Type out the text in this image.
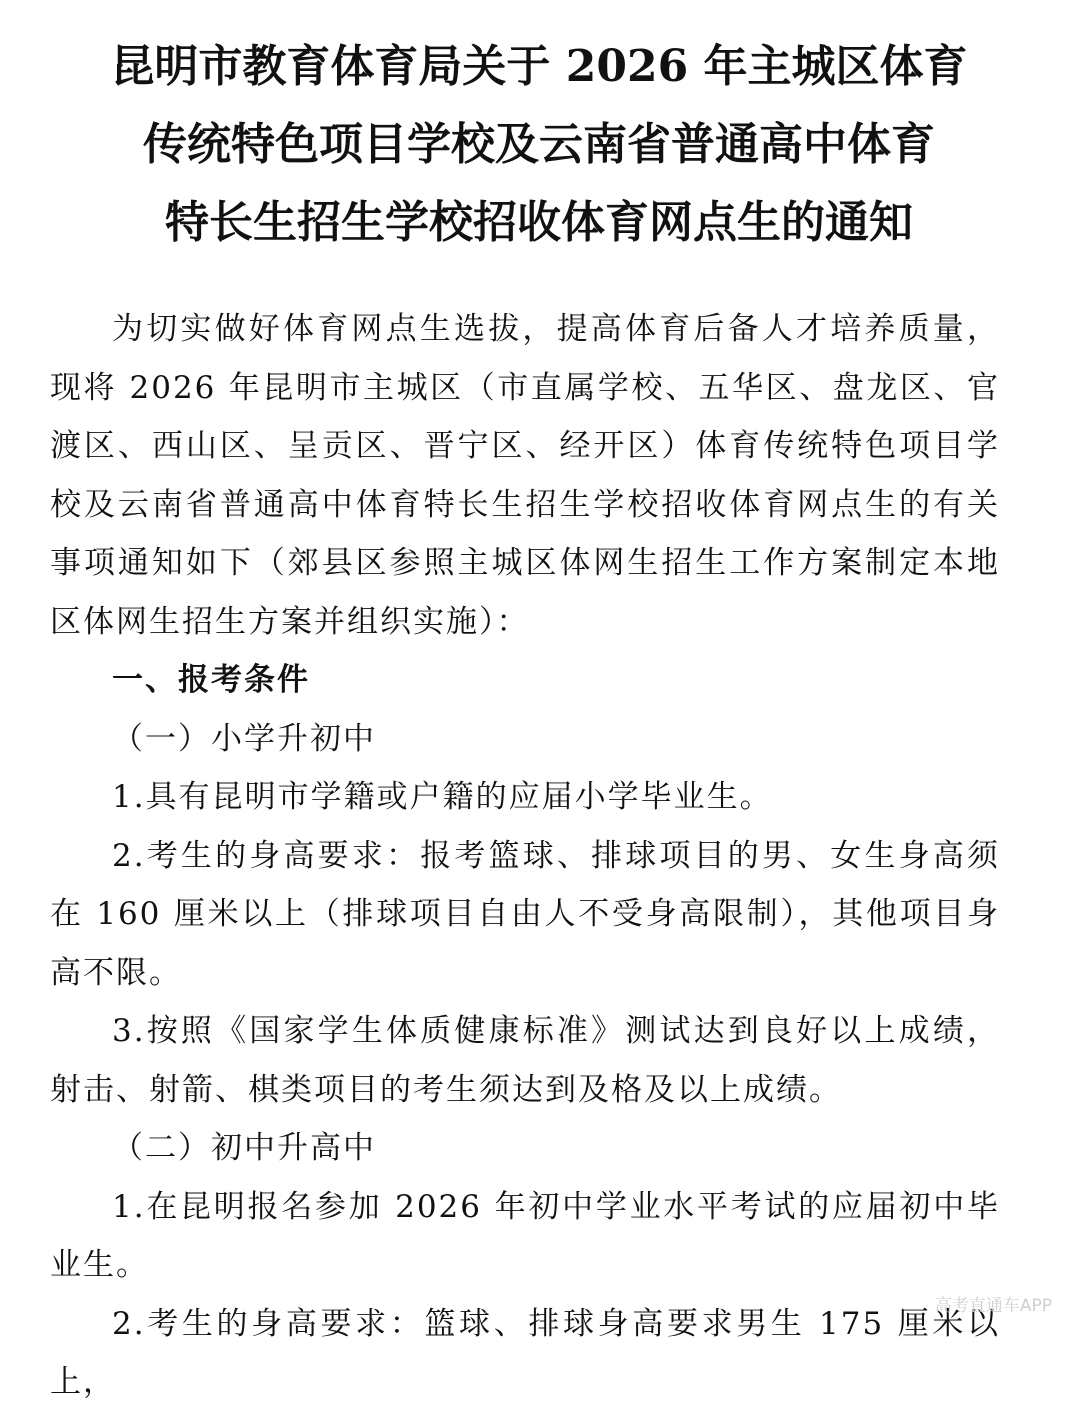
昆明市教育体育局关于 2026 年主城区体育
传统特色项目学校及云南省普通高中体育
特长生招生学校招收体育网点生的通知

为切实做好体育网点生选拔，提高体育后备人才培养质量，现将 2026 年昆明市主城区（市直属学校、五华区、盘龙区、官渡区、西山区、呈贡区、晋宁区、经开区）体育传统特色项目学校及云南省普通高中体育特长生招生学校招收体育网点生的有关事项通知如下（郊县区参照主城区体网生招生工作方案制定本地区体网生招生方案并组织实施）：

一、报考条件

（一）小学升初中

1.具有昆明市学籍或户籍的应届小学毕业生。

2.考生的身高要求：报考篮球、排球项目的男、女生身高须在 160 厘米以上（排球项目自由人不受身高限制），其他项目身高不限。

3.按照《国家学生体质健康标准》测试达到良好以上成绩，射击、射箭、棋类项目的考生须达到及格及以上成绩。

（二）初中升高中

1.在昆明报名参加 2026 年初中学业水平考试的应届初中毕业生。

2.考生的身高要求：篮球、排球身高要求男生 175 厘米以上，

高考直通车APP
